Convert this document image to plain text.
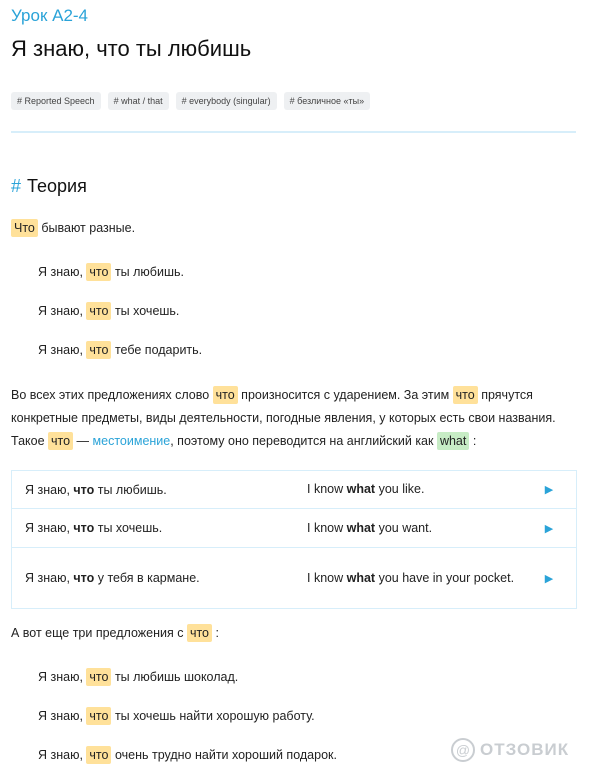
Урок A2-4
Я знаю, что ты любишь
# Reported Speech	# what / that	# everybody (singular)	# безличное «ты»
# Теория
Что бывают разные.
Я знаю, что ты любишь.
Я знаю, что ты хочешь.
Я знаю, что тебе подарить.
Во всех этих предложениях слово что произносится с ударением. За этим что прячутся конкретные предметы, виды деятельности, погодные явления, у которых есть свои названия. Такое что — местоимение, поэтому оно переводится на английский как what :
Я знаю, что ты любишь.	I know what you like.	▶
Я знаю, что ты хочешь.	I know what you want.	▶
Я знаю, что у тебя в кармане.	I know what you have in your pocket.	▶
А вот еще три предложения с что :
Я знаю, что ты любишь шоколад.
Я знаю, что ты хочешь найти хорошую работу.
Я знаю, что очень трудно найти хороший подарок.	@ ОТЗОВИК
